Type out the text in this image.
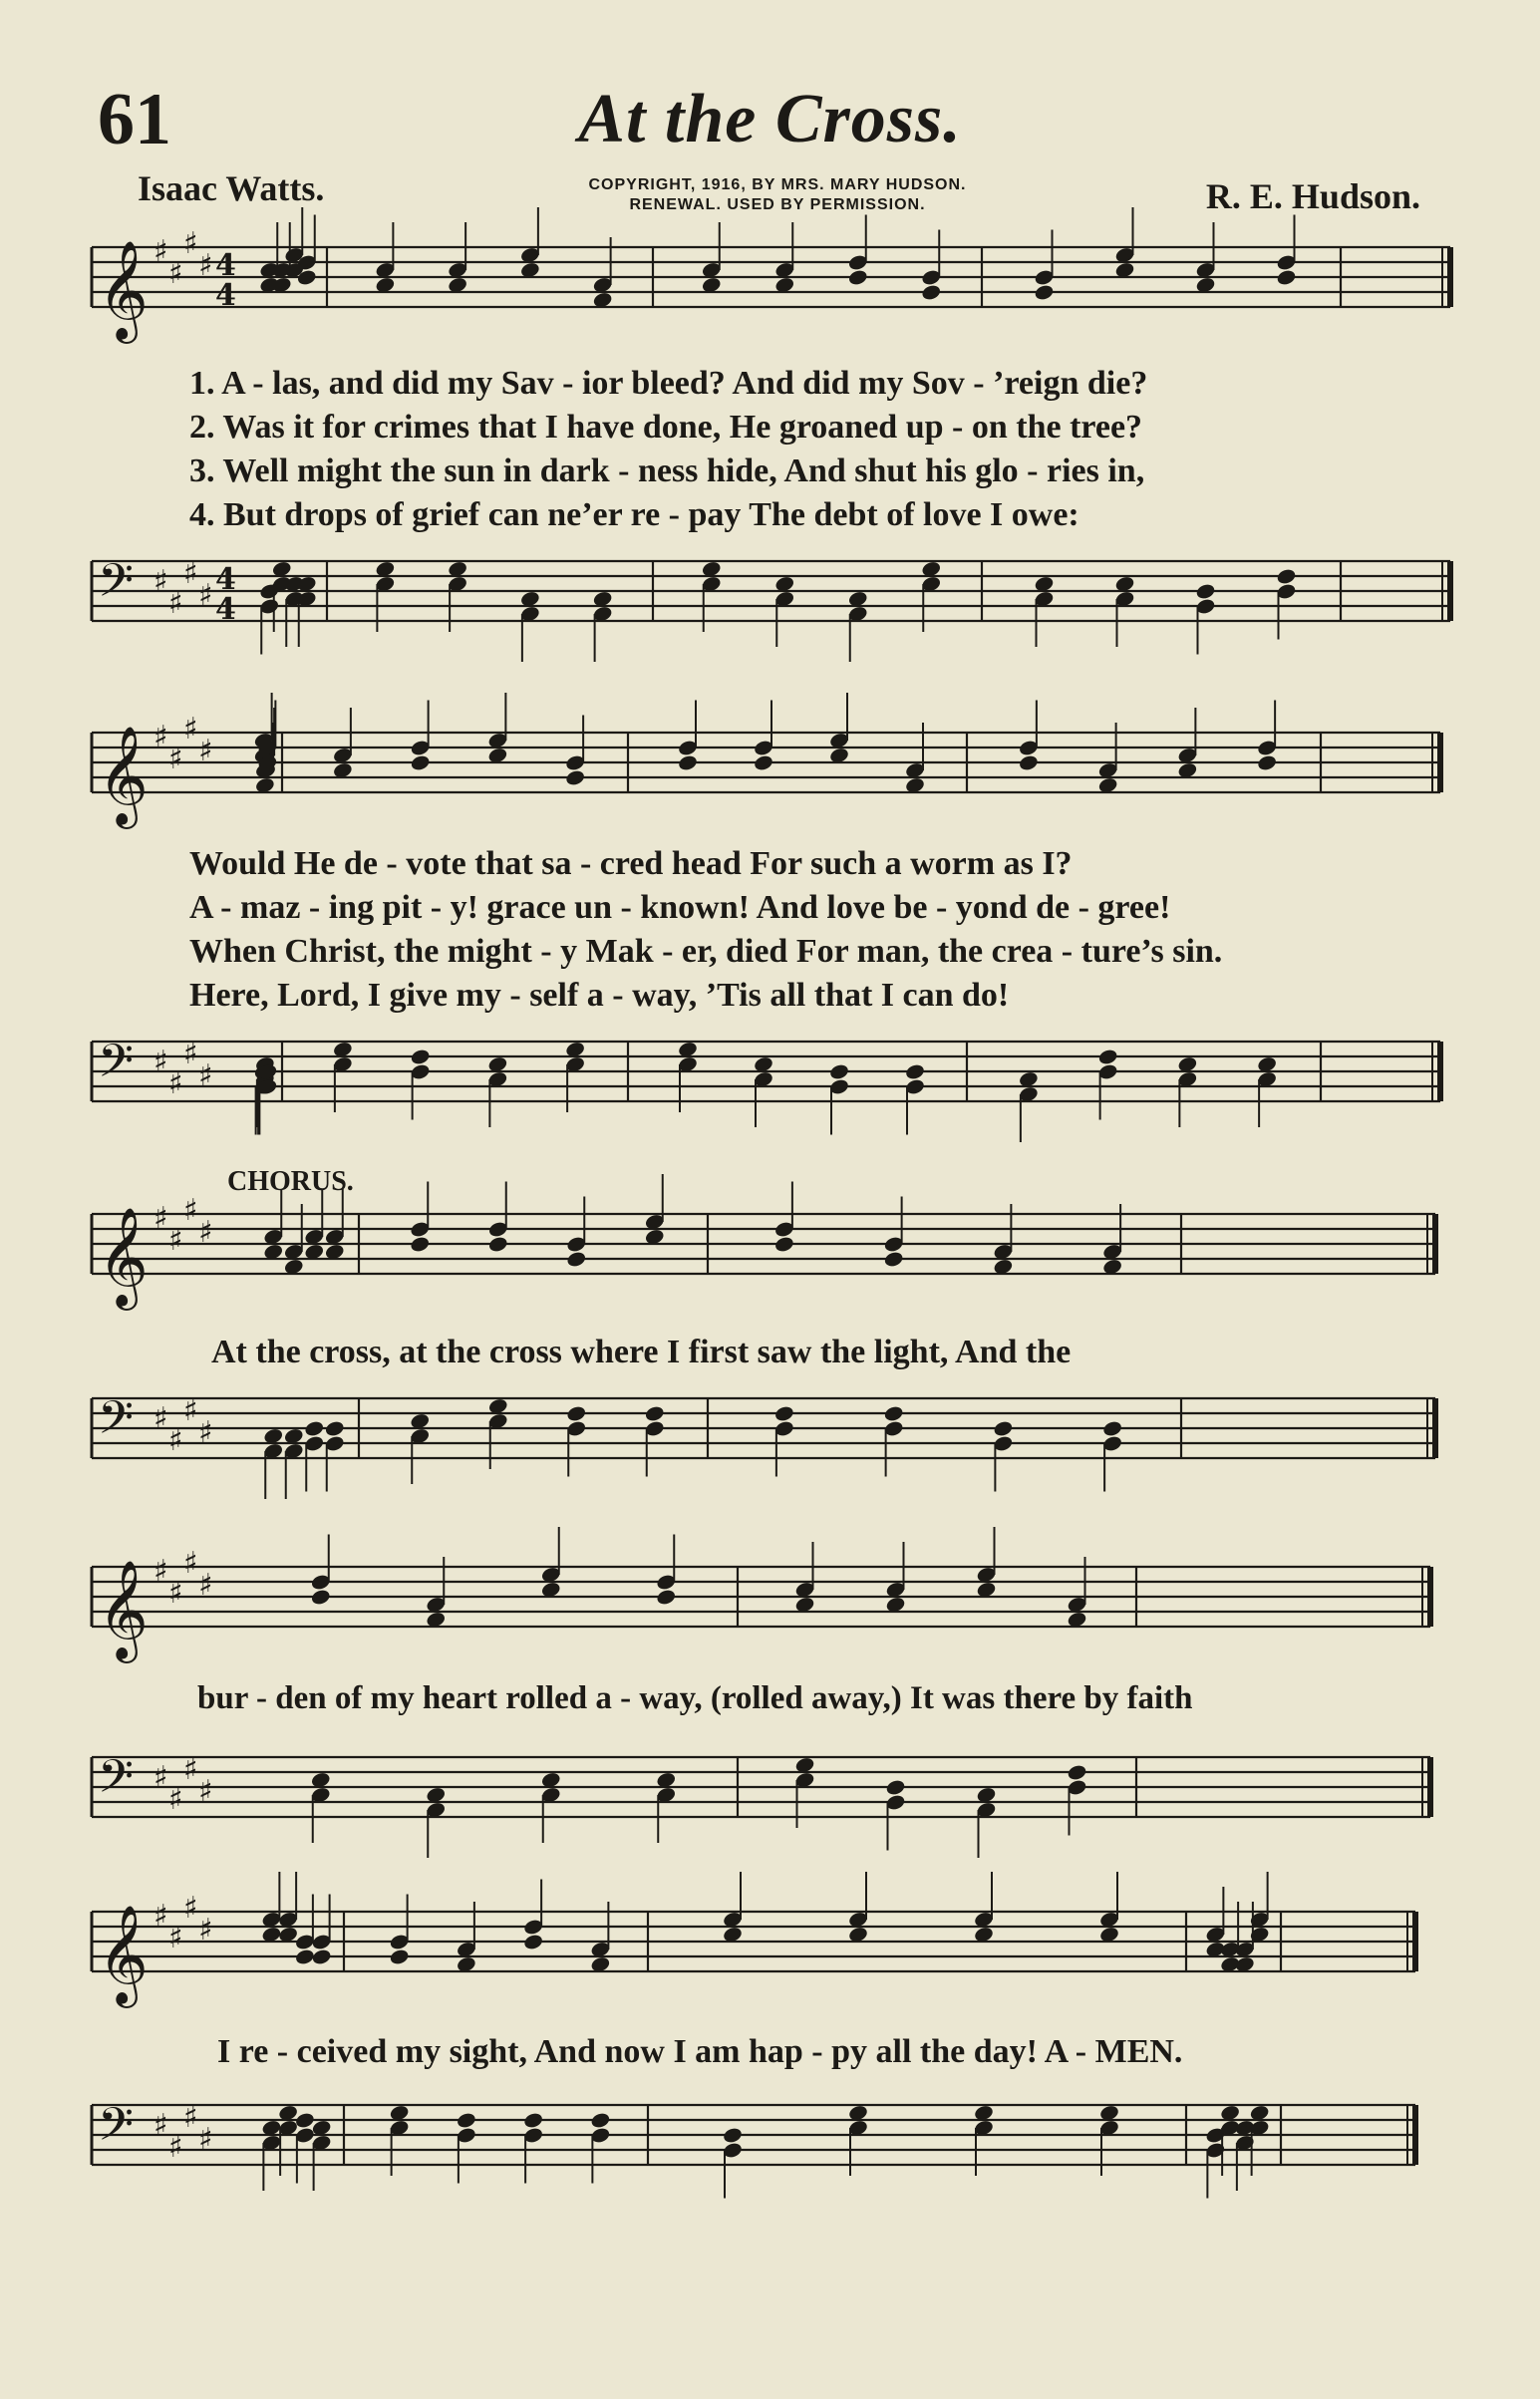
61	At the Cross.
Isaac Watts.	COPYRIGHT, 1916, BY MRS. MARY HUDSON.
RENEWAL. USED BY PERMISSION.	R. E. Hudson.
𝄞 ♯
♯
♯
♯ 4
4
𝄢 ♯
♯
♯
♯ 4
4
𝄞 ♯
♯
♯
♯
𝄢 ♯
♯
♯
♯
𝄞 ♯
♯
♯
♯
𝄢 ♯
♯
♯
♯
𝄞 ♯
♯
♯
♯
𝄢 ♯
♯
♯
♯
𝄞 ♯
♯
♯
♯
𝄢 ♯
♯
♯
♯
1. A - las, and did my Sav - ior bleed? And did my Sov - ’reign die?
2. Was it for crimes that I have done, He groaned up - on the tree?
3. Well might the sun in dark - ness hide, And shut his glo - ries in,
4. But drops of grief can ne’er re - pay The debt of love I owe:
Would He de - vote that sa - cred head For such a worm as I?
A - maz - ing pit - y! grace un - known! And love be - yond de - gree!
When Christ, the might - y Mak - er, died For man, the crea - ture’s sin.
Here, Lord, I give my - self a - way, ’Tis all that I can do!
CHORUS.
At the cross, at the cross where I first saw the light, And the
bur - den of my heart rolled a - way, (rolled away,) It was there by faith
I re - ceived my sight, And now I am hap - py all the day! A - MEN.
